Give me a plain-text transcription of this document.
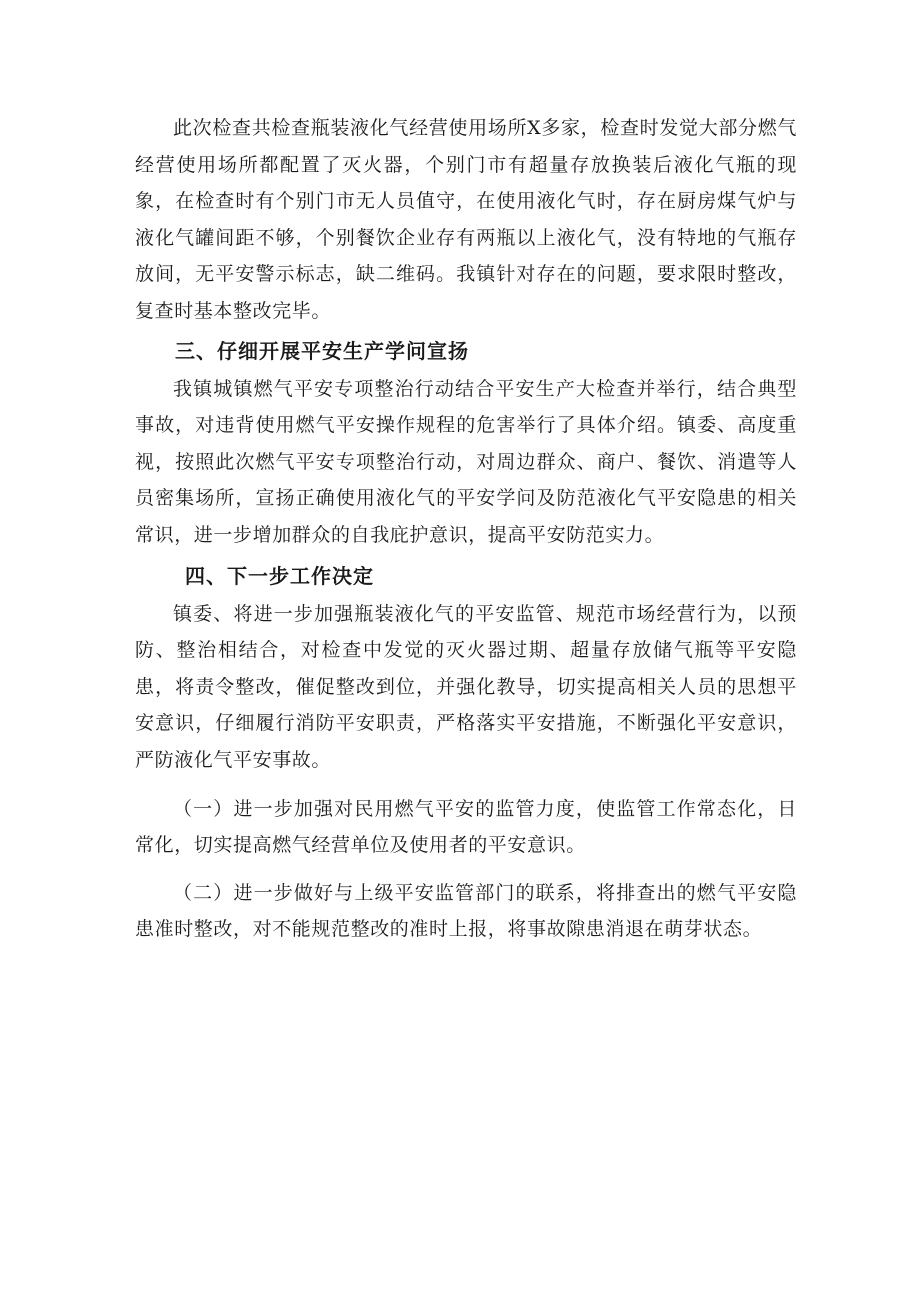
此次检查共检查瓶装液化气经营使用场所X多家，检查时发觉大部分燃气经营使用场所都配置了灭火器，个别门市有超量存放换装后液化气瓶的现象，在检查时有个别门市无人员值守，在使用液化气时，存在厨房煤气炉与液化气罐间距不够，个别餐饮企业存有两瓶以上液化气，没有特地的气瓶存放间，无平安警示标志，缺二维码。我镇针对存在的问题，要求限时整改，复查时基本整改完毕。

三、仔细开展平安生产学问宣扬

我镇城镇燃气平安专项整治行动结合平安生产大检查并举行，结合典型事故，对违背使用燃气平安操作规程的危害举行了具体介绍。镇委、高度重视，按照此次燃气平安专项整治行动，对周边群众、商户、餐饮、消遣等人员密集场所，宣扬正确使用液化气的平安学问及防范液化气平安隐患的相关常识，进一步增加群众的自我庇护意识，提高平安防范实力。

四、下一步工作决定

镇委、将进一步加强瓶装液化气的平安监管、规范市场经营行为，以预防、整治相结合，对检查中发觉的灭火器过期、超量存放储气瓶等平安隐患，将责令整改，催促整改到位，并强化教导，切实提高相关人员的思想平安意识，仔细履行消防平安职责，严格落实平安措施，不断强化平安意识，严防液化气平安事故。

（一）进一步加强对民用燃气平安的监管力度，使监管工作常态化，日常化，切实提高燃气经营单位及使用者的平安意识。

（二）进一步做好与上级平安监管部门的联系，将排查出的燃气平安隐患准时整改，对不能规范整改的准时上报，将事故隙患消退在萌芽状态。
